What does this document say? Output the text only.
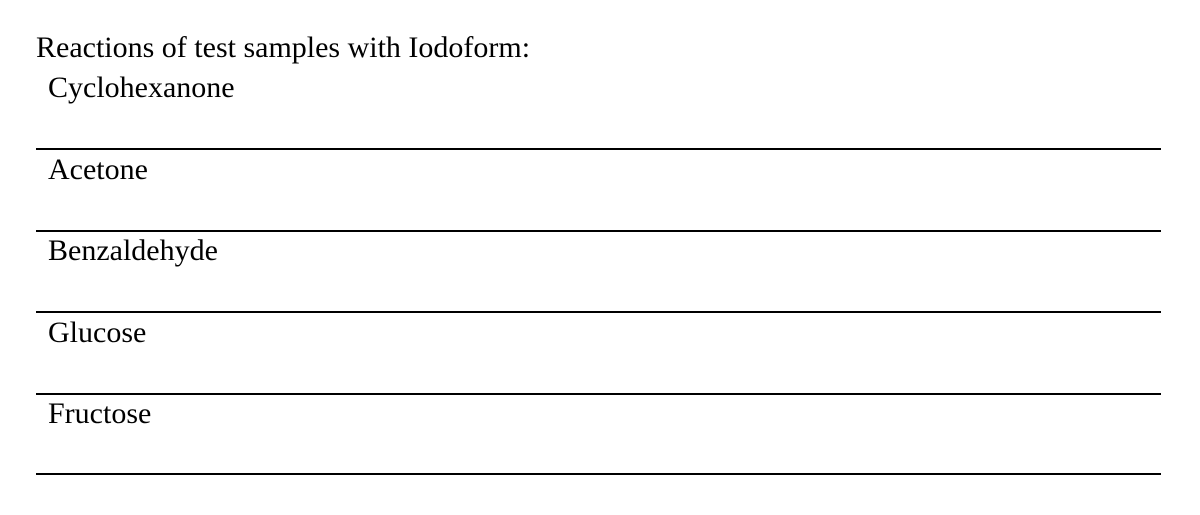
Reactions of test samples with Iodoform:
Cyclohexanone
Acetone
Benzaldehyde
Glucose
Fructose
